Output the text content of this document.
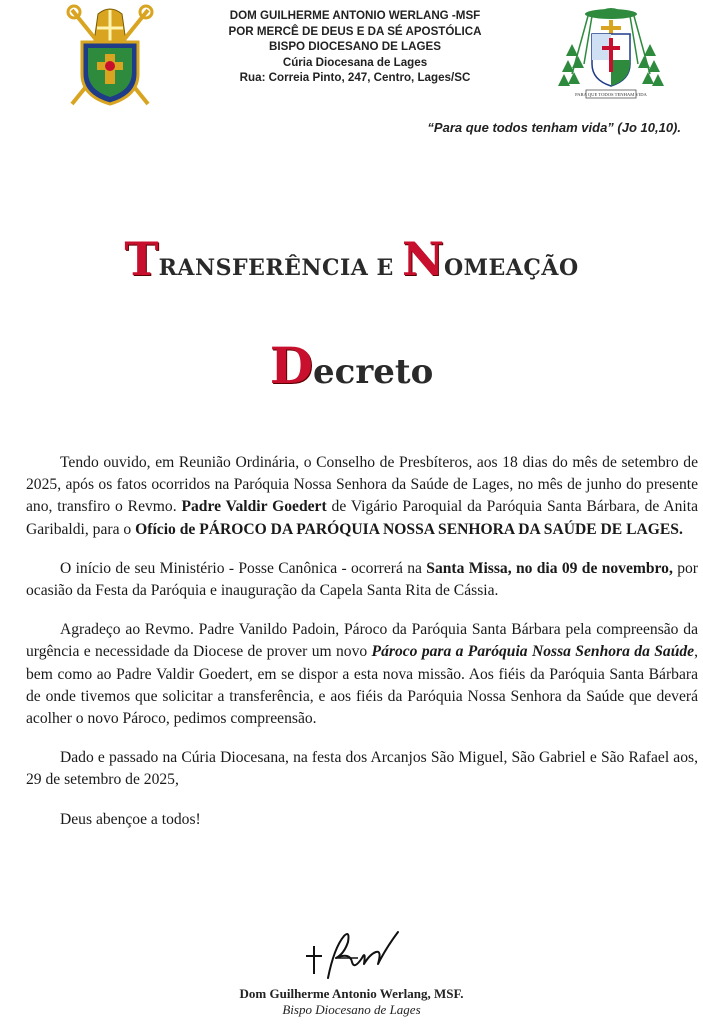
DOM GUILHERME ANTONIO WERLANG -MSF
POR MERCÊ DE DEUS E DA SÉ APOSTÓLICA
BISPO DIOCESANO DE LAGES
Cúria Diocesana de Lages
Rua: Correia Pinto, 247, Centro, Lages/SC
PARA QUE TODOS TENHAM VIDA
“Para que todos tenham vida” (Jo 10,10).
TRANSFERÊNCIA E NOMEAÇÃO
Decreto

Tendo ouvido, em Reunião Ordinária, o Conselho de Presbíteros, aos 18 dias do mês de setembro de 2025, após os fatos ocorridos na Paróquia Nossa Senhora da Saúde de Lages, no mês de junho do presente ano, transfiro o Revmo. Padre Valdir Goedert de Vigário Paroquial da Paróquia Santa Bárbara, de Anita Garibaldi, para o Ofício de PÁROCO DA PARÓQUIA NOSSA SENHORA DA SAÚDE DE LAGES.

O início de seu Ministério - Posse Canônica - ocorrerá na Santa Missa, no dia 09 de novembro, por ocasião da Festa da Paróquia e inauguração da Capela Santa Rita de Cássia.

Agradeço ao Revmo. Padre Vanildo Padoin, Pároco da Paróquia Santa Bárbara pela compreensão da urgência e necessidade da Diocese de prover um novo Pároco para a Paróquia Nossa Senhora da Saúde, bem como ao Padre Valdir Goedert, em se dispor a esta nova missão. Aos fiéis da Paróquia Santa Bárbara de onde tivemos que solicitar a transferência, e aos fiéis da Paróquia Nossa Senhora da Saúde que deverá acolher o novo Pároco, pedimos compreensão.

Dado e passado na Cúria Diocesana, na festa dos Arcanjos São Miguel, São Gabriel e São Rafael aos, 29 de setembro de 2025,

Deus abençoe a todos!

Dom Guilherme Antonio Werlang, MSF.
Bispo Diocesano de Lages
